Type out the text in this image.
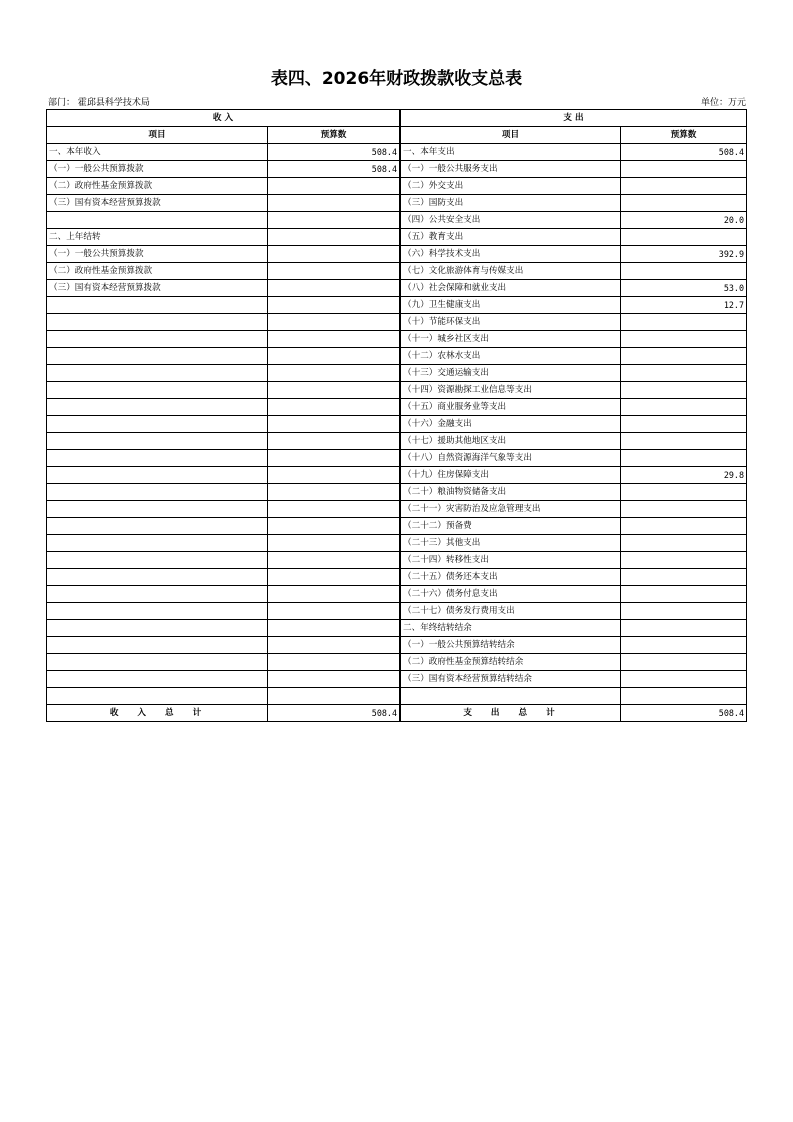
表四、2026年财政拨款收支总表
部门： 霍邱县科学技术局	单位：万元
收 入		支 出	
项目	预算数		项目	预算数
一、本年收入	508.4		一、本年支出	508.4
（一）一般公共预算拨款	508.4		（一）一般公共服务支出	
（二）政府性基金预算拨款			（二）外交支出	
（三）国有资本经营预算拨款			（三）国防支出	
			（四）公共安全支出	20.0
二、上年结转			（五）教育支出	
（一）一般公共预算拨款			（六）科学技术支出	392.9
（二）政府性基金预算拨款			（七）文化旅游体育与传媒支出	
（三）国有资本经营预算拨款			（八）社会保障和就业支出	53.0
			（九）卫生健康支出	12.7
			（十）节能环保支出	
			（十一）城乡社区支出	
			（十二）农林水支出	
			（十三）交通运输支出	
			（十四）资源勘探工业信息等支出	
			（十五）商业服务业等支出	
			（十六）金融支出	
			（十七）援助其他地区支出	
			（十八）自然资源海洋气象等支出	
			（十九）住房保障支出	29.8
			（二十）粮油物资储备支出	
			（二十一）灾害防治及应急管理支出	
			（二十二）预备费	
			（二十三）其他支出	
			（二十四）转移性支出	
			（二十五）债务还本支出	
			（二十六）债务付息支出	
			（二十七）债务发行费用支出	
			二、年终结转结余	
			（一）一般公共预算结转结余	
			（二）政府性基金预算结转结余	
			（三）国有资本经营预算结转结余	

收 入 总 计	508.4		支 出 总 计	508.4
